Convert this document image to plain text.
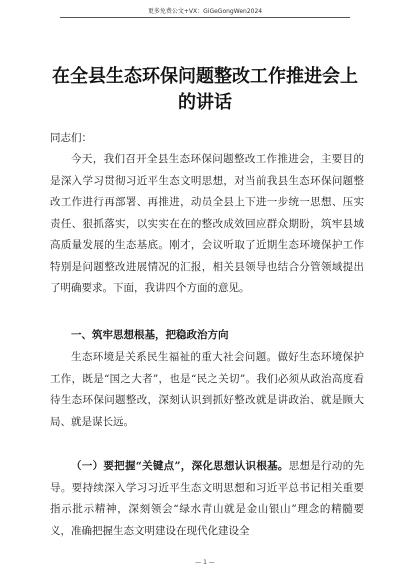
更多免费公文+VX：GiGeGongWen2024
在全县生态环保问题整改工作推进会上的讲话
同志们：

今天，我们召开全县生态环保问题整改工作推进会，主要目的是深入学习贯彻习近平生态文明思想，对当前我县生态环保问题整改工作进行再部署、再推进，动员全县上下进一步统一思想、压实责任、狠抓落实，以实实在在的整改成效回应群众期盼，筑牢县域高质量发展的生态基底。刚才，会议听取了近期生态环境保护工作特别是问题整改进展情况的汇报，相关县领导也结合分管领域提出了明确要求。下面，我讲四个方面的意见。

一、筑牢思想根基，把稳政治方向

生态环境是关系民生福祉的重大社会问题。做好生态环境保护工作，既是“国之大者”，也是“民之关切”。我们必须从政治高度看待生态环保问题整改，深刻认识到抓好整改就是讲政治、就是顾大局、就是谋长远。

（一）要把握“关键点”，深化思想认识根基。思想是行动的先导。要持续深入学习习近平生态文明思想和习近平总书记相关重要指示批示精神，深刻领会“绿水青山就是金山银山”理念的精髓要义，准确把握生态文明建设在现代化建设全

— 1 —
